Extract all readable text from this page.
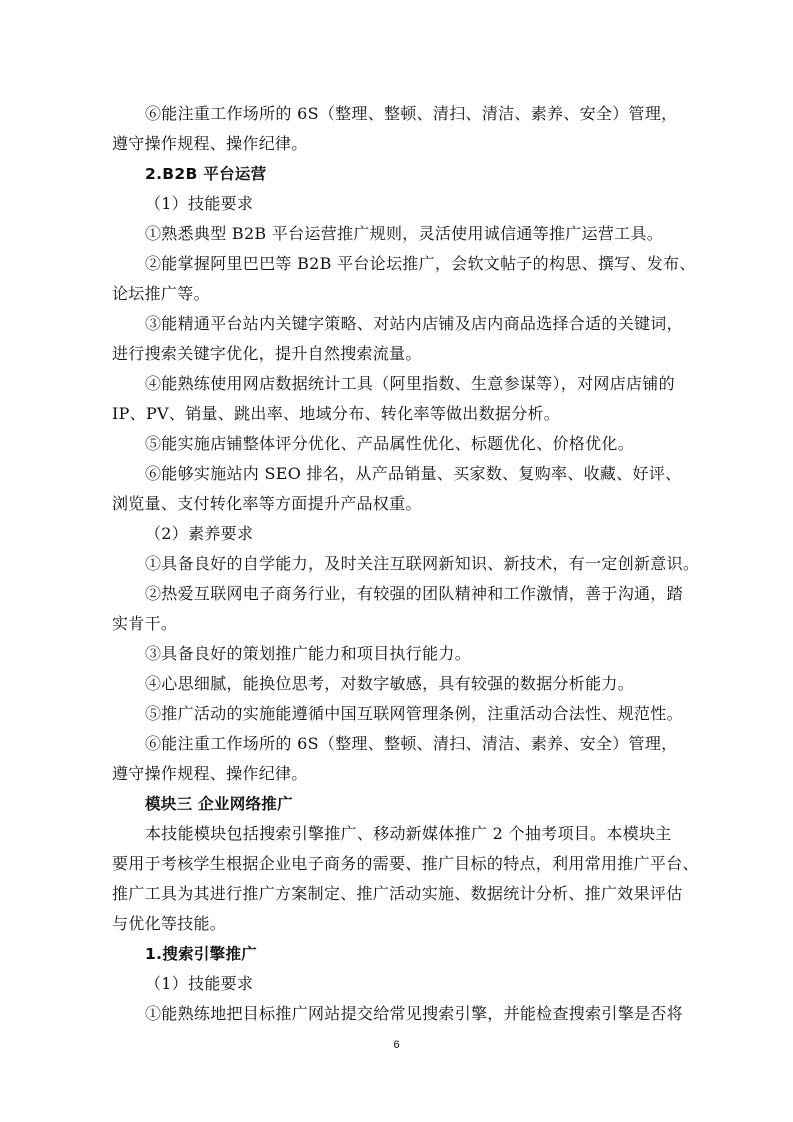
⑥能注重工作场所的 6S（整理、整顿、清扫、清洁、素养、安全）管理，
遵守操作规程、操作纪律。
2.B2B 平台运营
（1）技能要求
①熟悉典型 B2B 平台运营推广规则，灵活使用诚信通等推广运营工具。
②能掌握阿里巴巴等 B2B 平台论坛推广，会软文帖子的构思、撰写、发布、
论坛推广等。
③能精通平台站内关键字策略、对站内店铺及店内商品选择合适的关键词，
进行搜索关键字优化，提升自然搜索流量。
④能熟练使用网店数据统计工具（阿里指数、生意参谋等），对网店店铺的
IP、PV、销量、跳出率、地域分布、转化率等做出数据分析。
⑤能实施店铺整体评分优化、产品属性优化、标题优化、价格优化。
⑥能够实施站内 SEO 排名，从产品销量、买家数、复购率、收藏、好评、
浏览量、支付转化率等方面提升产品权重。
（2）素养要求
①具备良好的自学能力，及时关注互联网新知识、新技术，有一定创新意识。
②热爱互联网电子商务行业，有较强的团队精神和工作激情，善于沟通，踏
实肯干。
③具备良好的策划推广能力和项目执行能力。
④心思细腻，能换位思考，对数字敏感，具有较强的数据分析能力。
⑤推广活动的实施能遵循中国互联网管理条例，注重活动合法性、规范性。
⑥能注重工作场所的 6S（整理、整顿、清扫、清洁、素养、安全）管理，
遵守操作规程、操作纪律。
模块三 企业网络推广
本技能模块包括搜索引擎推广、移动新媒体推广 2 个抽考项目。本模块主
要用于考核学生根据企业电子商务的需要、推广目标的特点，利用常用推广平台、
推广工具为其进行推广方案制定、推广活动实施、数据统计分析、推广效果评估
与优化等技能。
1.搜索引擎推广
（1）技能要求
①能熟练地把目标推广网站提交给常见搜索引擎，并能检查搜索引擎是否将
6
